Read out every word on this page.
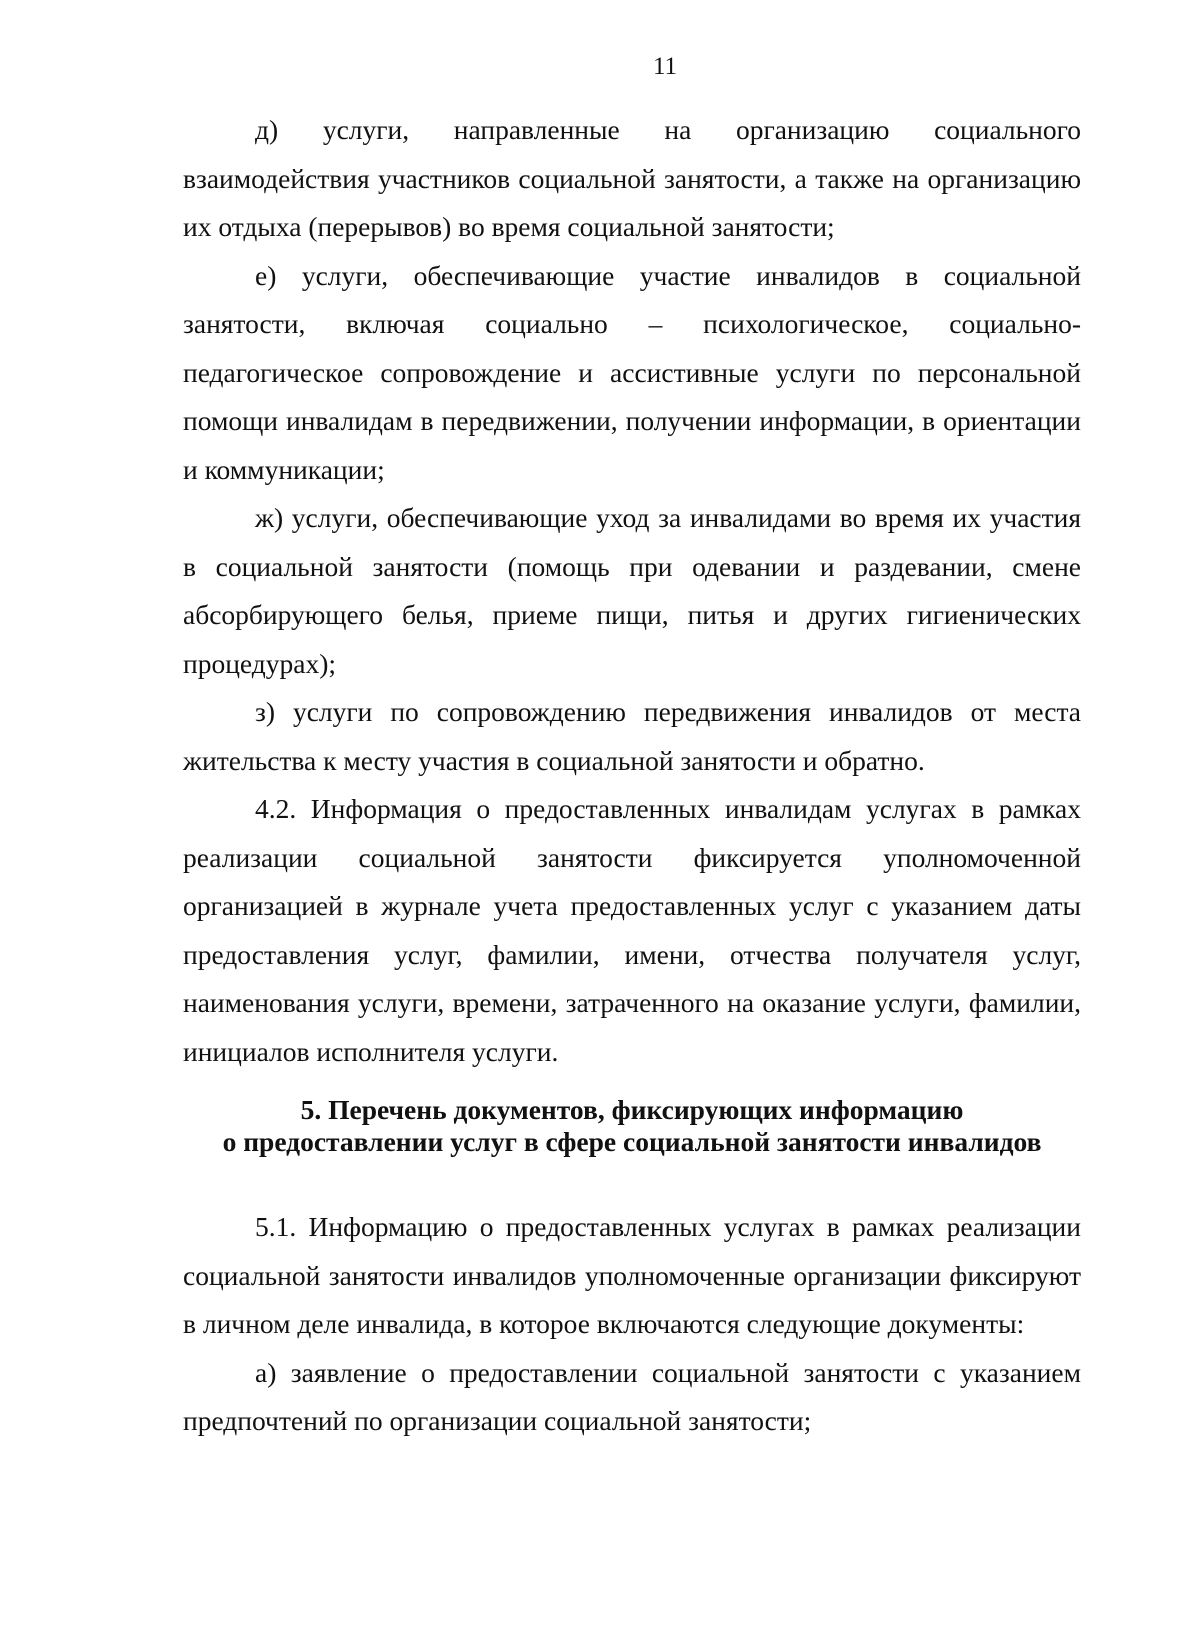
11

д) услуги, направленные на организацию социального взаимодействия участников социальной занятости, а также на организацию их отдыха (перерывов) во время социальной занятости;

е) услуги, обеспечивающие участие инвалидов в социальной занятости, включая социально – психологическое, социально-педагогическое сопровождение и ассистивные услуги по персональной помощи инвалидам в передвижении, получении информации, в ориентации и коммуникации;

ж) услуги, обеспечивающие уход за инвалидами во время их участия в социальной занятости (помощь при одевании и раздевании, смене абсорбирующего белья, приеме пищи, питья и других гигиенических процедурах);

з) услуги по сопровождению передвижения инвалидов от места жительства к месту участия в социальной занятости и обратно.

4.2. Информация о предоставленных инвалидам услугах в рамках реализации социальной занятости фиксируется уполномоченной организацией в журнале учета предоставленных услуг с указанием даты предоставления услуг, фамилии, имени, отчества получателя услуг, наименования услуги, времени, затраченного на оказание услуги, фамилии, инициалов исполнителя услуги.

5. Перечень документов, фиксирующих информацию
о предоставлении услуг в сфере социальной занятости инвалидов

5.1. Информацию о предоставленных услугах в рамках реализации социальной занятости инвалидов уполномоченные организации фиксируют в личном деле инвалида, в которое включаются следующие документы:

а) заявление о предоставлении социальной занятости с указанием предпочтений по организации социальной занятости;
